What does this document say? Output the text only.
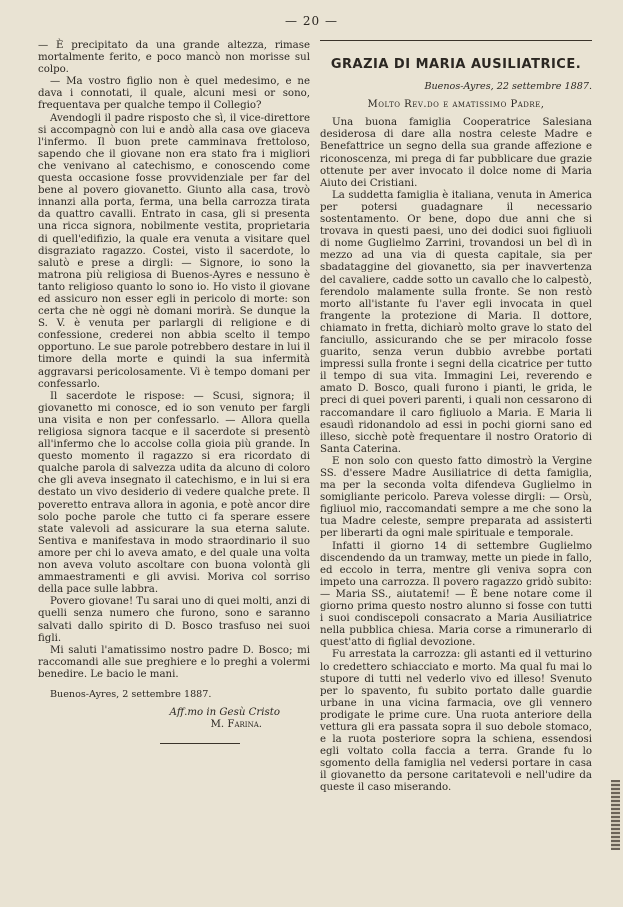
— 20 —

— È precipitato da una grande altezza, rimase mortalmente ferito, e poco mancò non morisse sul colpo.

— Ma vostro figlio non è quel medesimo, e ne dava i connotati, il quale, alcuni mesi or sono, frequentava per qualche tempo il Collegio?

Avendogli il padre risposto che sì, il vice-direttore si accompagnò con lui e andò alla casa ove giaceva l'infermo. Il buon prete camminava frettoloso, sapendo che il giovane non era stato fra i migliori che venivano al catechismo, e conoscendo come questa occasione fosse provvidenziale per far del bene al povero giovanetto. Giunto alla casa, trovò innanzi alla porta, ferma, una bella carrozza tirata da quattro cavalli. Entrato in casa, gli si presenta una ricca signora, nobilmente vestita, proprietaria di quell'edifizio, la quale era venuta a visitare quel disgraziato ragazzo. Costei, visto il sacerdote, lo salutò e prese a dirgli: — Signore, io sono la matrona più religiosa di Buenos-Ayres e nessuno è tanto religioso quanto lo sono io. Ho visto il giovane ed assicuro non esser egli in pericolo di morte: son certa che nè oggi nè domani morirà. Se dunque la S. V. è venuta per parlargli di religione e di confessione, crederei non abbia scelto il tempo opportuno. Le sue parole potrebbero destare in lui il timore della morte e quindi la sua infermità aggravarsi pericolosamente. Vi è tempo domani per confessarlo.

Il sacerdote le rispose: — Scusi, signora; il giovanetto mi conosce, ed io son venuto per fargli una visita e non per confessarlo. — Allora quella religiosa signora tacque e il sacerdote si presentò all'infermo che lo accolse colla gioia più grande. In questo momento il ragazzo si era ricordato di qualche parola di salvezza udita da alcuno di coloro che gli aveva insegnato il catechismo, e in lui si era destato un vivo desiderio di vedere qualche prete. Il poveretto entrava allora in agonia, e potè ancor dire solo poche parole che tutto ci fa sperare essere state valevoli ad assicurare la sua eterna salute. Sentiva e manifestava in modo straordinario il suo amore per chi lo aveva amato, e del quale una volta non aveva voluto ascoltare con buona volontà gli ammaestramenti e gli avvisi. Moriva col sorriso della pace sulle labbra.

Povero giovane! Tu sarai uno di quei molti, anzi di quelli senza numero che furono, sono e saranno salvati dallo spirito di D. Bosco trasfuso nei suoi figli.

Mi saluti l'amatissimo nostro padre D. Bosco; mi raccomandi alle sue preghiere e lo preghi a volermi benedire. Le bacio le mani.

Buenos-Ayres, 2 settembre 1887.
Aff.mo in Gesù Cristo
M. Farina.
GRAZIA DI MARIA AUSILIATRICE.
Buenos-Ayres, 22 settembre 1887.
Molto Rev.do e amatissimo Padre,

Una buona famiglia Cooperatrice Salesiana desiderosa di dare alla nostra celeste Madre e Benefattrice un segno della sua grande affezione e riconoscenza, mi prega di far pubblicare due grazie ottenute per aver invocato il dolce nome di Maria Aiuto dei Cristiani.

La suddetta famiglia è italiana, venuta in America per potersi guadagnare il necessario sostentamento. Or bene, dopo due anni che si trovava in questi paesi, uno dei dodici suoi figliuoli di nome Guglielmo Zarrini, trovandosi un bel dì in mezzo ad una via di questa capitale, sia per sbadataggine del giovanetto, sia per inavvertenza del cavaliere, cadde sotto un cavallo che lo calpestò, ferendolo malamente sulla fronte. Se non restò morto all'istante fu l'aver egli invocata in quel frangente la protezione di Maria. Il dottore, chiamato in fretta, dichiarò molto grave lo stato del fanciullo, assicurando che se per miracolo fosse guarito, senza verun dubbio avrebbe portati impressi sulla fronte i segni della cicatrice per tutto il tempo di sua vita. Immagini Lei, reverendo e amato D. Bosco, quali furono i pianti, le grida, le preci di quei poveri parenti, i quali non cessarono di raccomandare il caro figliuolo a Maria. E Maria li esaudì ridonandolo ad essi in pochi giorni sano ed illeso, sicchè potè frequentare il nostro Oratorio di Santa Caterina.

E non solo con questo fatto dimostrò la Vergine SS. d'essere Madre Ausiliatrice di detta famiglia, ma per la seconda volta difendeva Guglielmo in somigliante pericolo. Pareva volesse dirgli: — Orsù, figliuol mio, raccomandati sempre a me che sono la tua Madre celeste, sempre preparata ad assisterti per liberarti da ogni male spirituale e temporale.

Infatti il giorno 14 di settembre Guglielmo discendendo da un tramway, mette un piede in fallo, ed eccolo in terra, mentre gli veniva sopra con impeto una carrozza. Il povero ragazzo gridò subito: — Maria SS., aiutatemi! — È bene notare come il giorno prima questo nostro alunno si fosse con tutti i suoi condiscepoli consacrato a Maria Ausiliatrice nella pubblica chiesa. Maria corse a rimunerarlo di quest'atto di figlial devozione.

Fu arrestata la carrozza: gli astanti ed il vetturino lo credettero schiacciato e morto. Ma qual fu mai lo stupore di tutti nel vederlo vivo ed illeso! Svenuto per lo spavento, fu subito portato dalle guardie urbane in una vicina farmacia, ove gli vennero prodigate le prime cure. Una ruota anteriore della vettura gli era passata sopra il suo debole stomaco, e la ruota posteriore sopra la schiena, essendosi egli voltato colla faccia a terra. Grande fu lo sgomento della famiglia nel vedersi portare in casa il giovanetto da persone caritatevoli e nell'udire da queste il caso miserando.
